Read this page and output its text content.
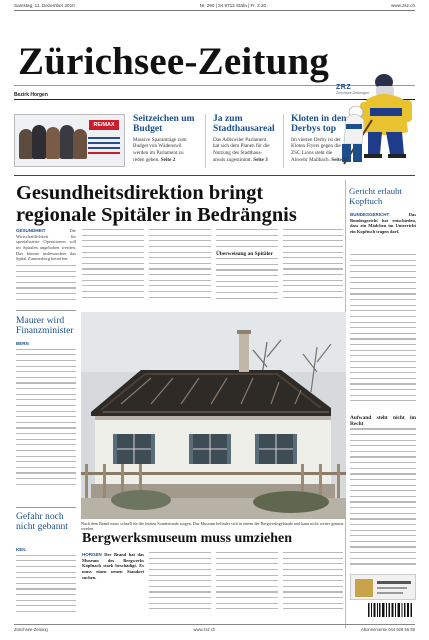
Samstag, 11. Dezember 2010	Nr. 290 | 34 8712 Stäfa | Fr. 2.20	www.zsz.ch
Zürichsee-Zeitung
ZRZ
Zürichsee-Zeitungen
Bezirk Horgen
RE/MAX
Seitzeichen um Budget
Massive Sparanträge zum Budget von Wädenswil werden im Parlament zu reden geben. Seite 2
Ja zum Stadthausareal
Das Adliswiler Parlament hat sich dem Planen für die Nutzung des Stadthaus-areals zugestimmt. Seite 3
Kloten in den Derbys top
Im vierten Derby ist der Kloten Flyers gegen die ZSC Lions steht die Abwehr Mailbach. Seite 25
Gesundheitsdirektion bringt regionale Spitäler in Bedrängnis
Gericht erlaubt Kopftuch
GESUNDHEIT	Die Wirtschaftlichkeit für spezialisierte Operationen soll im Spitalen angehoben werden. Das könnte insbesondere das Spital Zimmerberg betreffen.
Überweisung an Spitäler
BUNDESGERICHT	Das Bundesgericht hat entschieden, dass ein Mädchen im Unterricht ein Kopftuch tragen darf.
Aufwand steht nicht im Recht
Maurer wird Finanzminister
BERN
Gefahr noch nicht gebannt
KEIL
Nach dem Brand muss schnell für die letzten Sonderfunde sorgen. Das Museum befindet sich in einem der Bergwerksgebäude und kann nicht weiter genutzt werden.
Bergwerksmuseum muss umziehen
HORGEN Der Brand hat das Museum des Bergwerks Käpfnach stark beschädigt. Es muss einen neuen Standort suchen.
Zürichsee-Zeitung	www.zsz.ch	Abonnemente 044 928 55 55
